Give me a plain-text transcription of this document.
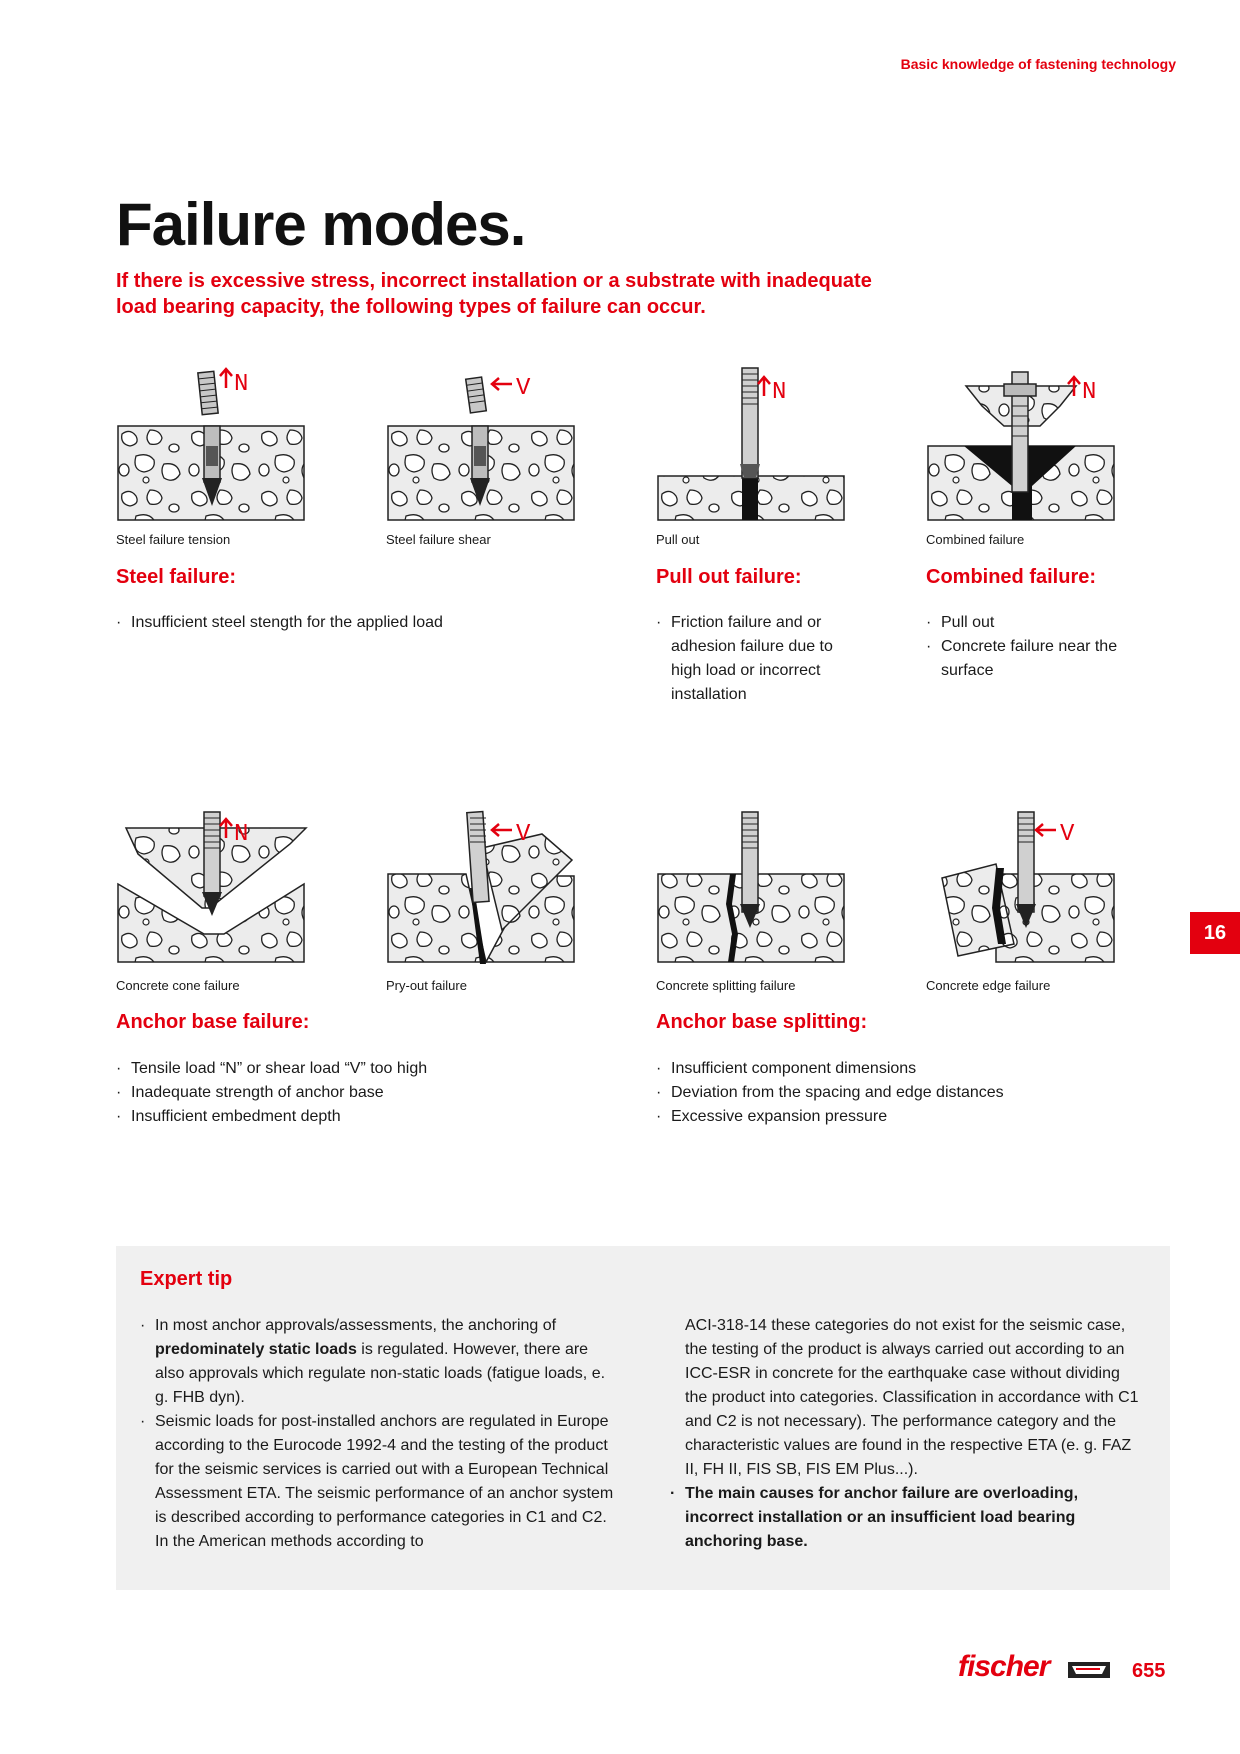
Basic knowledge of fastening technology
Failure modes.
If there is excessive stress, incorrect installation or a substrate with inadequate load bearing capacity, the following types of failure can occur.
N	V	N	N
Steel failure tension	Steel failure shear	Pull out	Combined failure
Steel failure:	Pull out failure:	Combined failure:
· Insufficient steel stength for the applied load
·	Friction failure and or adhesion failure due to high load or incorrect installation
· Pull out
· Concrete failure near the surface
N	V	V
Concrete cone failure	Pry-out failure	Concrete splitting failure	Concrete edge failure
Anchor base failure:	Anchor base splitting:
· Tensile load “N” or shear load “V” too high
· Inadequate strength of anchor base
· Insufficient embedment depth
· Insufficient component dimensions
· Deviation from the spacing and edge distances
· Excessive expansion pressure
16
Expert tip

· In most anchor approvals/assessments, the anchoring of predominately static loads is regulated. However, there are also approvals which regulate non-static loads (fatigue loads, e. g. FHB dyn).

· Seismic loads for post-installed anchors are regulated in Europe according to the Eurocode 1992-4 and the testing of the product for the seismic services is carried out with a European Technical Assessment ETA. The seismic performance of an anchor system is described according to performance categories in C1 and C2. In the American methods according to

ACI-318-14 these categories do not exist for the seismic case, the testing of the product is always carried out according to an ICC-ESR in concrete for the earthquake case without dividing the product into categories. Classification in accordance with C1 and C2 is not necessary). The performance category and the characteristic values are found in the respective ETA (e. g. FAZ II, FH II, FIS SB, FIS EM Plus...).

· The main causes for anchor failure are overloading, incorrect installation or an insufficient load bearing anchoring base.

fischer	655
